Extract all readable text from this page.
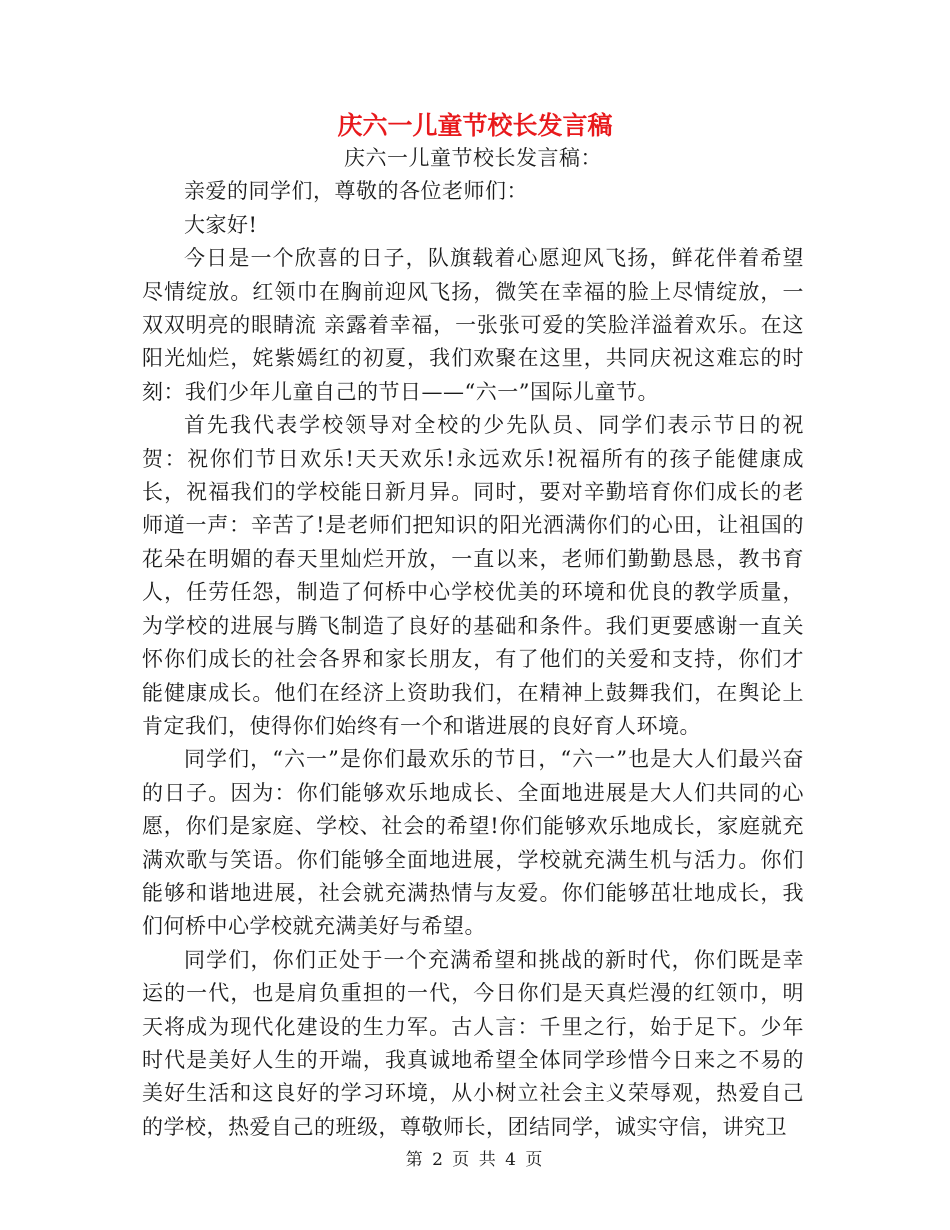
庆六一儿童节校长发言稿

庆六一儿童节校长发言稿：

亲爱的同学们，尊敬的各位老师们：

大家好!

今日是一个欣喜的日子，队旗载着心愿迎风飞扬，鲜花伴着希望尽情绽放。红领巾在胸前迎风飞扬，微笑在幸福的脸上尽情绽放，一双双明亮的眼睛流 亲露着幸福，一张张可爱的笑脸洋溢着欢乐。在这阳光灿烂，姹紫嫣红的初夏，我们欢聚在这里，共同庆祝这难忘的时刻：我们少年儿童自己的节日——“六一”国际儿童节。

首先我代表学校领导对全校的少先队员、同学们表示节日的祝贺：祝你们节日欢乐!天天欢乐!永远欢乐!祝福所有的孩子能健康成长，祝福我们的学校能日新月异。同时，要对辛勤培育你们成长的老师道一声：辛苦了!是老师们把知识的阳光洒满你们的心田，让祖国的花朵在明媚的春天里灿烂开放，一直以来，老师们勤勤恳恳，教书育人，任劳任怨，制造了何桥中心学校优美的环境和优良的教学质量，为学校的进展与腾飞制造了良好的基础和条件。我们更要感谢一直关怀你们成长的社会各界和家长朋友，有了他们的关爱和支持，你们才能健康成长。他们在经济上资助我们，在精神上鼓舞我们，在舆论上肯定我们，使得你们始终有一个和谐进展的良好育人环境。

同学们，“六一”是你们最欢乐的节日，“六一”也是大人们最兴奋的日子。因为：你们能够欢乐地成长、全面地进展是大人们共同的心愿，你们是家庭、学校、社会的希望!你们能够欢乐地成长，家庭就充满欢歌与笑语。你们能够全面地进展，学校就充满生机与活力。你们能够和谐地进展，社会就充满热情与友爱。你们能够茁壮地成长，我们何桥中心学校就充满美好与希望。

同学们，你们正处于一个充满希望和挑战的新时代，你们既是幸运的一代，也是肩负重担的一代，今日你们是天真烂漫的红领巾，明天将成为现代化建设的生力军。古人言：千里之行，始于足下。少年时代是美好人生的开端，我真诚地希望全体同学珍惜今日来之不易的美好生活和这良好的学习环境，从小树立社会主义荣辱观，热爱自己的学校，热爱自己的班级，尊敬师长，团结同学，诚实守信，讲究卫

第 2 页 共 4 页
